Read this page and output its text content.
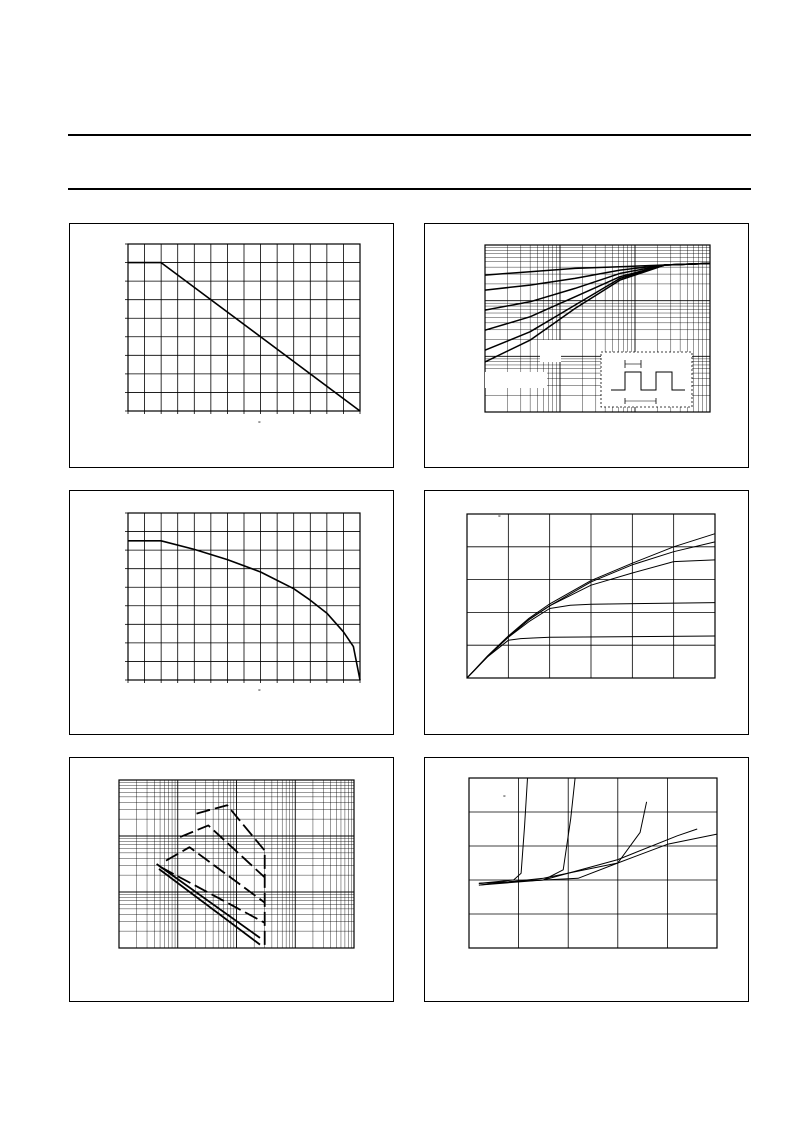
°
°
°
°
